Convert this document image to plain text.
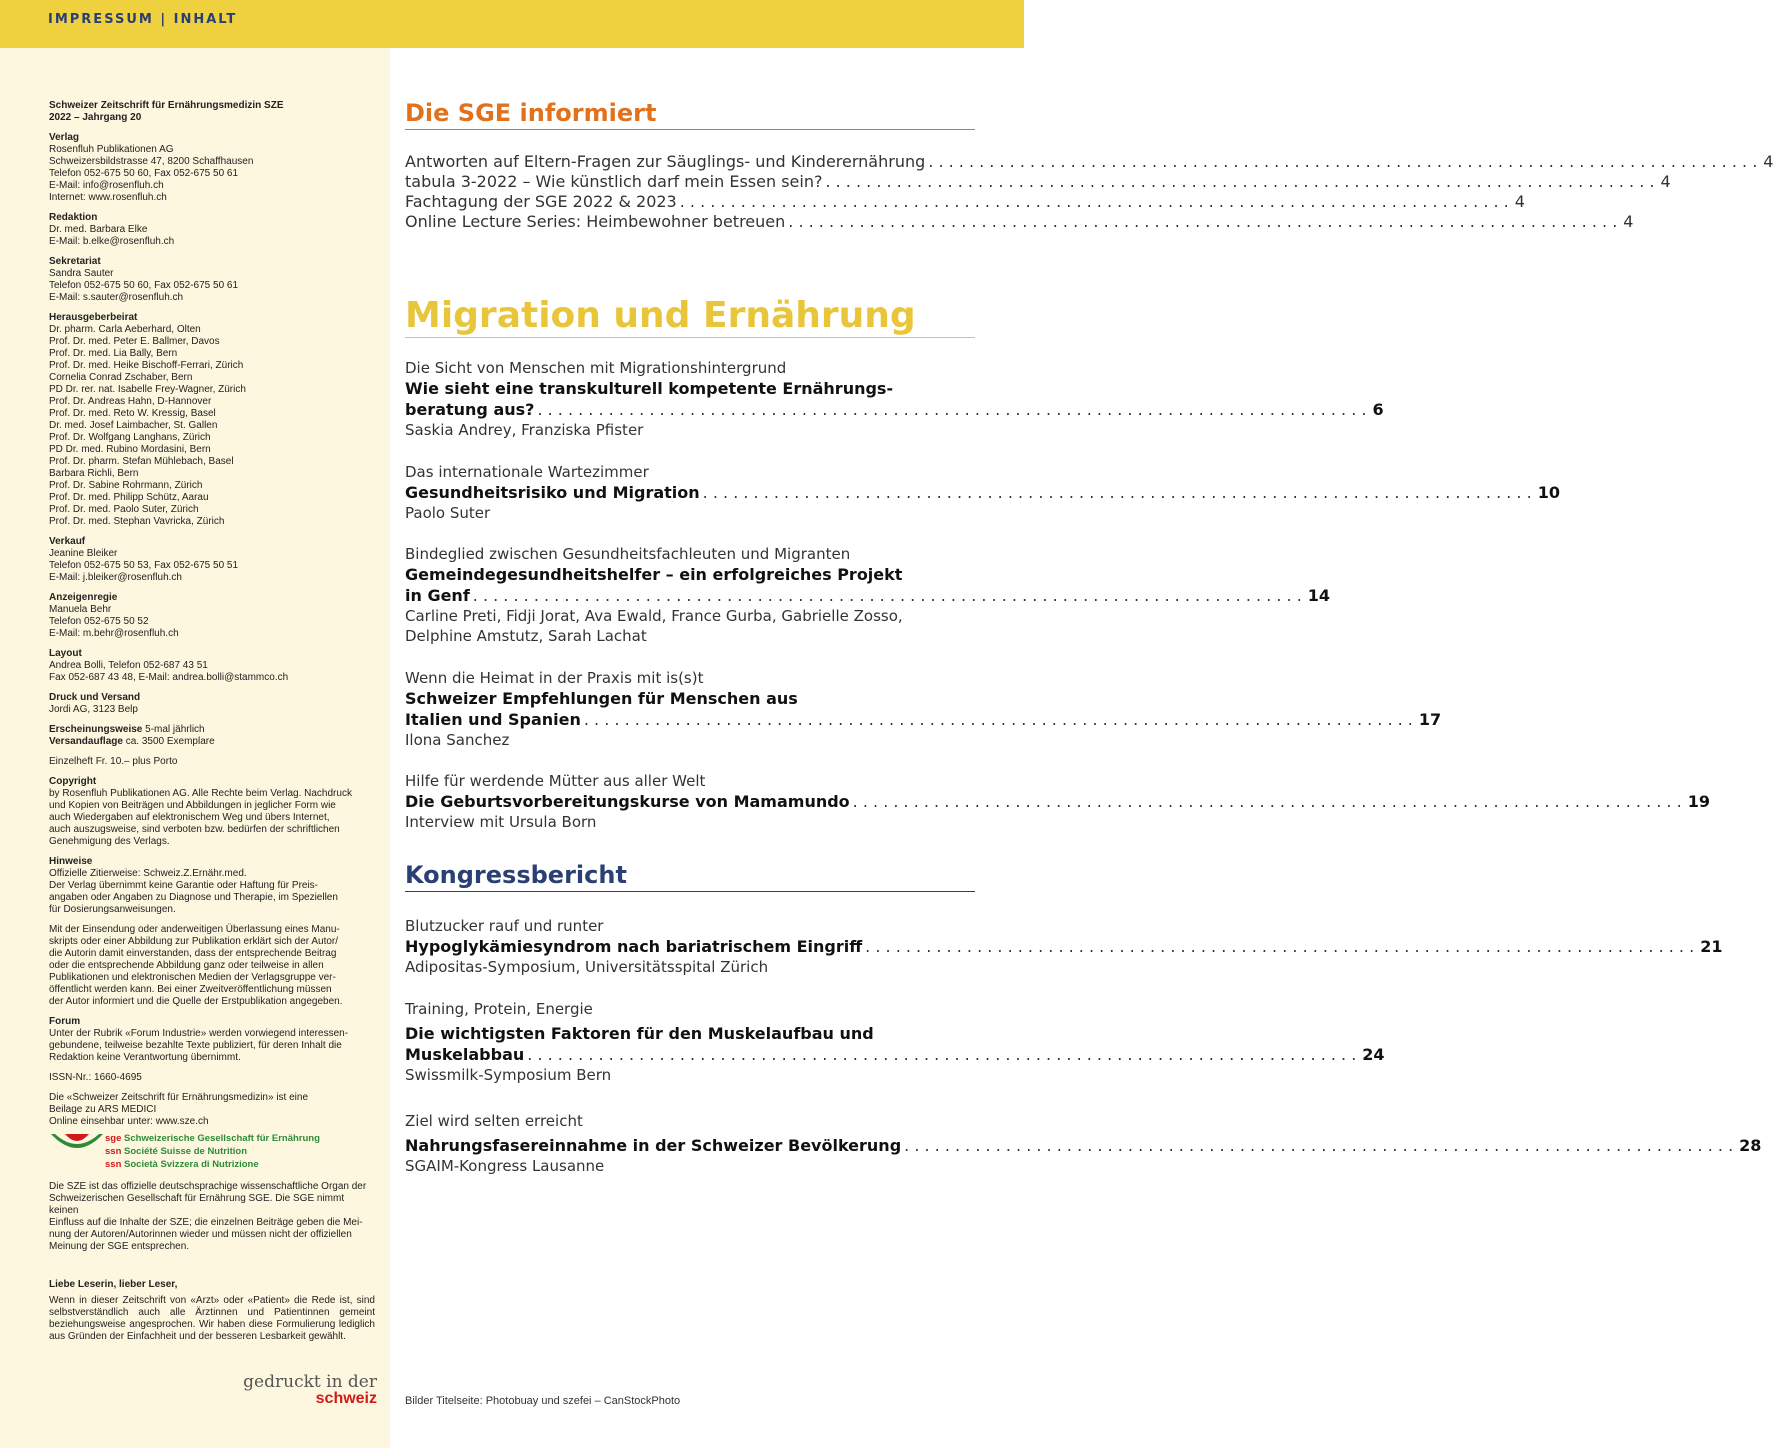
IMPRESSUM | INHALT
Schweizer Zeitschrift für Ernährungsmedizin SZE
2022 – Jahrgang 20
Verlag
Rosenfluh Publikationen AG
Schweizersbildstrasse 47, 8200 Schaffhausen
Telefon 052-675 50 60, Fax 052-675 50 61
E-Mail: info@rosenfluh.ch
Internet: www.rosenfluh.ch
Redaktion
Dr. med. Barbara Elke
E-Mail: b.elke@rosenfluh.ch
Sekretariat
Sandra Sauter
Telefon 052-675 50 60, Fax 052-675 50 61
E-Mail: s.sauter@rosenfluh.ch
Herausgeberbeirat
Dr. pharm. Carla Aeberhard, Olten
Prof. Dr. med. Peter E. Ballmer, Davos
Prof. Dr. med. Lia Bally, Bern
Prof. Dr. med. Heike Bischoff-Ferrari, Zürich
Cornelia Conrad Zschaber, Bern
PD Dr. rer. nat. Isabelle Frey-Wagner, Zürich
Prof. Dr. Andreas Hahn, D-Hannover
Prof. Dr. med. Reto W. Kressig, Basel
Dr. med. Josef Laimbacher, St. Gallen
Prof. Dr. Wolfgang Langhans, Zürich
PD Dr. med. Rubino Mordasini, Bern
Prof. Dr. pharm. Stefan Mühlebach, Basel
Barbara Richli, Bern
Prof. Dr. Sabine Rohrmann, Zürich
Prof. Dr. med. Philipp Schütz, Aarau
Prof. Dr. med. Paolo Suter, Zürich
Prof. Dr. med. Stephan Vavricka, Zürich
Verkauf
Jeanine Bleiker
Telefon 052-675 50 53, Fax 052-675 50 51
E-Mail: j.bleiker@rosenfluh.ch
Anzeigenregie
Manuela Behr
Telefon 052-675 50 52
E-Mail: m.behr@rosenfluh.ch
Layout
Andrea Bolli, Telefon 052-687 43 51
Fax 052-687 43 48, E-Mail: andrea.bolli@stammco.ch
Druck und Versand
Jordi AG, 3123 Belp
Erscheinungsweise 5-mal jährlich
Versandauflage ca. 3500 Exemplare
Einzelheft Fr. 10.– plus Porto
Copyright
by Rosenfluh Publikationen AG. Alle Rechte beim Verlag. Nachdruck
und Kopien von Beiträgen und Abbildungen in jeglicher Form wie
auch Wiedergaben auf elektronischem Weg und übers Internet,
auch auszugsweise, sind verboten bzw. bedürfen der schriftlichen
Genehmigung des Verlags.
Hinweise
Offizielle Zitierweise: Schweiz.Z.Ernähr.med.
Der Verlag übernimmt keine Garantie oder Haftung für Preis-
angaben oder Angaben zu Diagnose und Therapie, im Speziellen
für Dosierungsanweisungen.
Mit der Einsendung oder anderweitigen Überlassung eines Manu-
skripts oder einer Abbildung zur Publikation erklärt sich der Autor/
die Autorin damit einverstanden, dass der entsprechende Beitrag
oder die entsprechende Abbildung ganz oder teilweise in allen
Publikationen und elektronischen Medien der Verlagsgruppe ver-
öffentlicht werden kann. Bei einer Zweitveröffentlichung müssen
der Autor informiert und die Quelle der Erstpublikation angegeben.
Forum
Unter der Rubrik «Forum Industrie» werden vorwiegend interessen-
gebundene, teilweise bezahlte Texte publiziert, für deren Inhalt die
Redaktion keine Verantwortung übernimmt.
ISSN-Nr.: 1660-4695
Die «Schweizer Zeitschrift für Ernährungsmedizin» ist eine
Beilage zu ARS MEDICI
Online einsehbar unter: www.sze.ch
sge Schweizerische Gesellschaft für Ernährung
ssn Société Suisse de Nutrition
ssn Società Svizzera di Nutrizione
Die SZE ist das offizielle deutschsprachige wissenschaftliche Organ der
Schweizerischen Gesellschaft für Ernährung SGE. Die SGE nimmt keinen
Einfluss auf die Inhalte der SZE; die einzelnen Beiträge geben die Mei-
nung der Autoren/Autorinnen wieder und müssen nicht der offiziellen
Meinung der SGE entsprechen.
Liebe Leserin, lieber Leser,
Wenn in dieser Zeitschrift von «Arzt» oder «Patient» die Rede ist, sind selbstverständlich auch alle Ärztinnen und Patientinnen gemeint beziehungsweise angesprochen. Wir haben diese Formulierung lediglich aus Gründen der Einfachheit und der besseren Lesbarkeit gewählt.
gedruckt in der
schweiz
Die SGE informiert
Antworten auf Eltern-Fragen zur Säuglings- und Kinderernährung . . . . . . . . . . . . . . . . . . . . . . . . . . . . . . . . . . . . . . . . . . . . . . . . . . . . . . . . . . . . . . . . . . . . . . . . . . . . . . . . . . 4
tabula 3-2022 – Wie künstlich darf mein Essen sein? . . . . . . . . . . . . . . . . . . . . . . . . . . . . . . . . . . . . . . . . . . . . . . . . . . . . . . . . . . . . . . . . . . . . . . . . . . . . . . . . . . 4
Fachtagung der SGE 2022 & 2023 . . . . . . . . . . . . . . . . . . . . . . . . . . . . . . . . . . . . . . . . . . . . . . . . . . . . . . . . . . . . . . . . . . . . . . . . . . . . . . . . . . 4
Online Lecture Series: Heimbewohner betreuen . . . . . . . . . . . . . . . . . . . . . . . . . . . . . . . . . . . . . . . . . . . . . . . . . . . . . . . . . . . . . . . . . . . . . . . . . . . . . . . . . . 4
Migration und Ernährung
Die Sicht von Menschen mit Migrationshintergrund
Wie sieht eine transkulturell kompetente Ernährungs-
beratung aus? . . . . . . . . . . . . . . . . . . . . . . . . . . . . . . . . . . . . . . . . . . . . . . . . . . . . . . . . . . . . . . . . . . . . . . . . . . . . . . . . . . 6
Saskia Andrey, Franziska Pfister
Das internationale Wartezimmer
Gesundheitsrisiko und Migration . . . . . . . . . . . . . . . . . . . . . . . . . . . . . . . . . . . . . . . . . . . . . . . . . . . . . . . . . . . . . . . . . . . . . . . . . . . . . . . . . . 10
Paolo Suter
Bindeglied zwischen Gesundheitsfachleuten und Migranten
Gemeindegesundheitshelfer – ein erfolgreiches Projekt
in Genf . . . . . . . . . . . . . . . . . . . . . . . . . . . . . . . . . . . . . . . . . . . . . . . . . . . . . . . . . . . . . . . . . . . . . . . . . . . . . . . . . . 14
Carline Preti, Fidji Jorat, Ava Ewald, France Gurba, Gabrielle Zosso,
Delphine Amstutz, Sarah Lachat
Wenn die Heimat in der Praxis mit is(s)t
Schweizer Empfehlungen für Menschen aus
Italien und Spanien . . . . . . . . . . . . . . . . . . . . . . . . . . . . . . . . . . . . . . . . . . . . . . . . . . . . . . . . . . . . . . . . . . . . . . . . . . . . . . . . . . 17
Ilona Sanchez
Hilfe für werdende Mütter aus aller Welt
Die Geburtsvorbereitungskurse von Mamamundo . . . . . . . . . . . . . . . . . . . . . . . . . . . . . . . . . . . . . . . . . . . . . . . . . . . . . . . . . . . . . . . . . . . . . . . . . . . . . . . . . . 19
Interview mit Ursula Born
Kongressbericht
Blutzucker rauf und runter
Hypoglykämiesyndrom nach bariatrischem Eingriff . . . . . . . . . . . . . . . . . . . . . . . . . . . . . . . . . . . . . . . . . . . . . . . . . . . . . . . . . . . . . . . . . . . . . . . . . . . . . . . . . . 21
Adipositas-Symposium, Universitätsspital Zürich
Training, Protein, Energie
Die wichtigsten Faktoren für den Muskelaufbau und
Muskelabbau . . . . . . . . . . . . . . . . . . . . . . . . . . . . . . . . . . . . . . . . . . . . . . . . . . . . . . . . . . . . . . . . . . . . . . . . . . . . . . . . . . 24
Swissmilk-Symposium Bern
Ziel wird selten erreicht
Nahrungsfasereinnahme in der Schweizer Bevölkerung . . . . . . . . . . . . . . . . . . . . . . . . . . . . . . . . . . . . . . . . . . . . . . . . . . . . . . . . . . . . . . . . . . . . . . . . . . . . . . . . . . 28
SGAIM-Kongress Lausanne
Bilder Titelseite: Photobuay und szefei – CanStockPhoto
